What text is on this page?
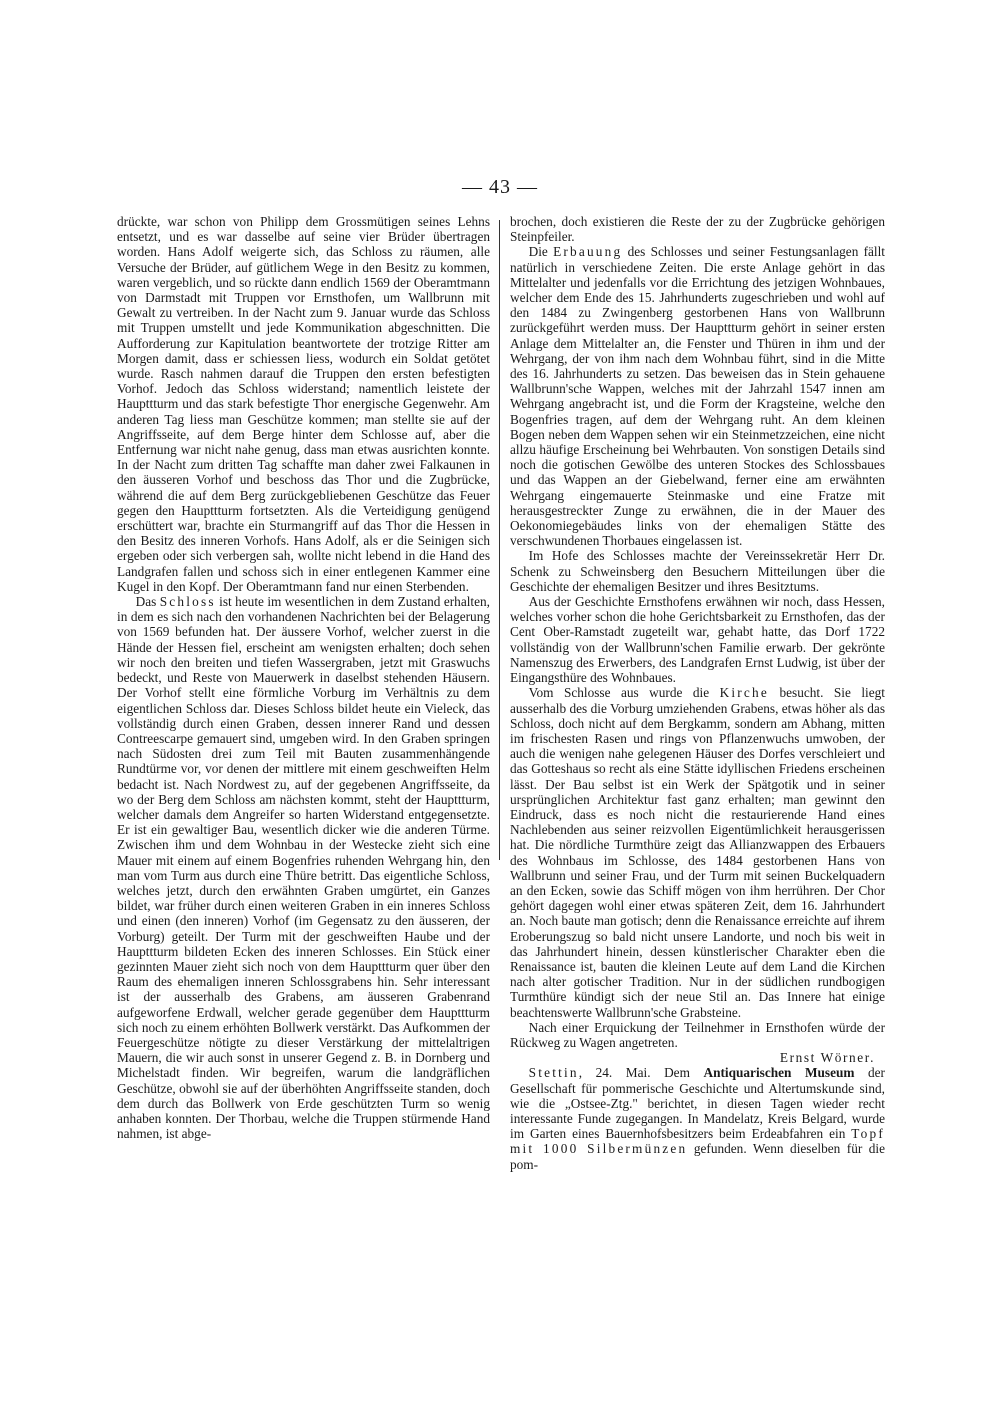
— 43 —

drückte, war schon von Philipp dem Grossmütigen seines Lehns entsetzt, und es war dasselbe auf seine vier Brüder übertragen worden. Hans Adolf weigerte sich, das Schloss zu räumen, alle Versuche der Brüder, auf gütlichem Wege in den Besitz zu kommen, waren vergeblich, und so rückte dann endlich 1569 der Oberamtmann von Darmstadt mit Truppen vor Ernsthofen, um Wallbrunn mit Gewalt zu vertreiben. In der Nacht zum 9. Januar wurde das Schloss mit Truppen umstellt und jede Kommunikation abgeschnitten. Die Aufforderung zur Kapitulation beantwortete der trotzige Ritter am Morgen damit, dass er schiessen liess, wodurch ein Soldat getötet wurde. Rasch nahmen darauf die Truppen den ersten befestigten Vorhof. Jedoch das Schloss widerstand; namentlich leistete der Haupttturm und das stark befestigte Thor energische Gegenwehr. Am anderen Tag liess man Geschütze kommen; man stellte sie auf der Angriffsseite, auf dem Berge hinter dem Schlosse auf, aber die Entfernung war nicht nahe genug, dass man etwas ausrichten konnte. In der Nacht zum dritten Tag schaffte man daher zwei Falkaunen in den äusseren Vorhof und beschoss das Thor und die Zugbrücke, während die auf dem Berg zurückgebliebenen Geschütze das Feuer gegen den Haupttturm fortsetzten. Als die Verteidigung genügend erschüttert war, brachte ein Sturmangriff auf das Thor die Hessen in den Besitz des inneren Vorhofs. Hans Adolf, als er die Seinigen sich ergeben oder sich verbergen sah, wollte nicht lebend in die Hand des Landgrafen fallen und schoss sich in einer entlegenen Kammer eine Kugel in den Kopf. Der Oberamtmann fand nur einen Sterbenden.

Das Schloss ist heute im wesentlichen in dem Zustand erhalten, in dem es sich nach den vorhandenen Nachrichten bei der Belagerung von 1569 befunden hat. Der äussere Vorhof, welcher zuerst in die Hände der Hessen fiel, erscheint am wenigsten erhalten; doch sehen wir noch den breiten und tiefen Wassergraben, jetzt mit Graswuchs bedeckt, und Reste von Mauerwerk in daselbst stehenden Häusern. Der Vorhof stellt eine förmliche Vorburg im Verhältnis zu dem eigentlichen Schloss dar. Dieses Schloss bildet heute ein Vieleck, das vollständig durch einen Graben, dessen innerer Rand und dessen Contreescarpe gemauert sind, umgeben wird. In den Graben springen nach Südosten drei zum Teil mit Bauten zusammenhängende Rundtürme vor, vor denen der mittlere mit einem geschweiften Helm bedacht ist. Nach Nordwest zu, auf der gegebenen Angriffsseite, da wo der Berg dem Schloss am nächsten kommt, steht der Haupttturm, welcher damals dem Angreifer so harten Widerstand entgegensetzte. Er ist ein gewaltiger Bau, wesentlich dicker wie die anderen Türme. Zwischen ihm und dem Wohnbau in der Westecke zieht sich eine Mauer mit einem auf einem Bogenfries ruhenden Wehrgang hin, den man vom Turm aus durch eine Thüre betritt. Das eigentliche Schloss, welches jetzt, durch den erwähnten Graben umgürtet, ein Ganzes bildet, war früher durch einen weiteren Graben in ein inneres Schloss und einen (den inneren) Vorhof (im Gegensatz zu den äusseren, der Vorburg) geteilt. Der Turm mit der geschweiften Haube und der Haupttturm bildeten Ecken des inneren Schlosses. Ein Stück einer gezinnten Mauer zieht sich noch von dem Haupttturm quer über den Raum des ehemaligen inneren Schlossgrabens hin. Sehr interessant ist der ausserhalb des Grabens, am äusseren Grabenrand aufgeworfene Erdwall, welcher gerade gegenüber dem Haupttturm sich noch zu einem erhöhten Bollwerk verstärkt. Das Aufkommen der Feuergeschütze nötigte zu dieser Verstärkung der mittelaltrigen Mauern, die wir auch sonst in unserer Gegend z. B. in Dornberg und Michelstadt finden. Wir begreifen, warum die landgräflichen Geschütze, obwohl sie auf der überhöhten Angriffsseite standen, doch dem durch das Bollwerk von Erde geschützten Turm so wenig anhaben konnten. Der Thorbau, welche die Truppen stürmende Hand nahmen, ist abge-

brochen, doch existieren die Reste der zu der Zugbrücke gehörigen Steinpfeiler.

Die Erbauung des Schlosses und seiner Festungsanlagen fällt natürlich in verschiedene Zeiten. Die erste Anlage gehört in das Mittelalter und jedenfalls vor die Errichtung des jetzigen Wohnbaues, welcher dem Ende des 15. Jahrhunderts zugeschrieben und wohl auf den 1484 zu Zwingenberg gestorbenen Hans von Wallbrunn zurückgeführt werden muss. Der Haupttturm gehört in seiner ersten Anlage dem Mittelalter an, die Fenster und Thüren in ihm und der Wehrgang, der von ihm nach dem Wohnbau führt, sind in die Mitte des 16. Jahrhunderts zu setzen. Das beweisen das in Stein gehauene Wallbrunn'sche Wappen, welches mit der Jahrzahl 1547 innen am Wehrgang angebracht ist, und die Form der Kragsteine, welche den Bogenfries tragen, auf dem der Wehrgang ruht. An dem kleinen Bogen neben dem Wappen sehen wir ein Steinmetzzeichen, eine nicht allzu häufige Erscheinung bei Wehrbauten. Von sonstigen Details sind noch die gotischen Gewölbe des unteren Stockes des Schlossbaues und das Wappen an der Giebelwand, ferner eine am erwähnten Wehrgang eingemauerte Steinmaske und eine Fratze mit herausgestreckter Zunge zu erwähnen, die in der Mauer des Oekonomiegebäudes links von der ehemaligen Stätte des verschwundenen Thorbaues eingelassen ist.

Im Hofe des Schlosses machte der Vereinssekretär Herr Dr. Schenk zu Schweinsberg den Besuchern Mitteilungen über die Geschichte der ehemaligen Besitzer und ihres Besitztums.

Aus der Geschichte Ernsthofens erwähnen wir noch, dass Hessen, welches vorher schon die hohe Gerichtsbarkeit zu Ernsthofen, das der Cent Ober-Ramstadt zugeteilt war, gehabt hatte, das Dorf 1722 vollständig von der Wallbrunn'schen Familie erwarb. Der gekrönte Namenszug des Erwerbers, des Landgrafen Ernst Ludwig, ist über der Eingangsthüre des Wohnbaues.

Vom Schlosse aus wurde die Kirche besucht. Sie liegt ausserhalb des die Vorburg umziehenden Grabens, etwas höher als das Schloss, doch nicht auf dem Bergkamm, sondern am Abhang, mitten im frischesten Rasen und rings von Pflanzenwuchs umwoben, der auch die wenigen nahe gelegenen Häuser des Dorfes verschleiert und das Gotteshaus so recht als eine Stätte idyllischen Friedens erscheinen lässt. Der Bau selbst ist ein Werk der Spätgotik und in seiner ursprünglichen Architektur fast ganz erhalten; man gewinnt den Eindruck, dass es noch nicht die restaurierende Hand eines Nachlebenden aus seiner reizvollen Eigentümlichkeit herausgerissen hat. Die nördliche Turmthüre zeigt das Allianzwappen des Erbauers des Wohnbaus im Schlosse, des 1484 gestorbenen Hans von Wallbrunn und seiner Frau, und der Turm mit seinen Buckelquadern an den Ecken, sowie das Schiff mögen von ihm herrühren. Der Chor gehört dagegen wohl einer etwas späteren Zeit, dem 16. Jahrhundert an. Noch baute man gotisch; denn die Renaissance erreichte auf ihrem Eroberungszug so bald nicht unsere Landorte, und noch bis weit in das Jahrhundert hinein, dessen künstlerischer Charakter eben die Renaissance ist, bauten die kleinen Leute auf dem Land die Kirchen nach alter gotischer Tradition. Nur in der südlichen rundbogigen Turmthüre kündigt sich der neue Stil an. Das Innere hat einige beachtenswerte Wallbrunn'sche Grabsteine.

Nach einer Erquickung der Teilnehmer in Ernsthofen würde der Rückweg zu Wagen angetreten.

Ernst Wörner.

Stettin, 24. Mai. Dem Antiquarischen Museum der Gesellschaft für pommerische Geschichte und Altertumskunde sind, wie die „Ostsee-Ztg." berichtet, in diesen Tagen wieder recht interessante Funde zugegangen. In Mandelatz, Kreis Belgard, wurde im Garten eines Bauernhofsbesitzers beim Erdeabfahren ein Topf mit 1000 Silbermünzen gefunden. Wenn dieselben für die pom-
